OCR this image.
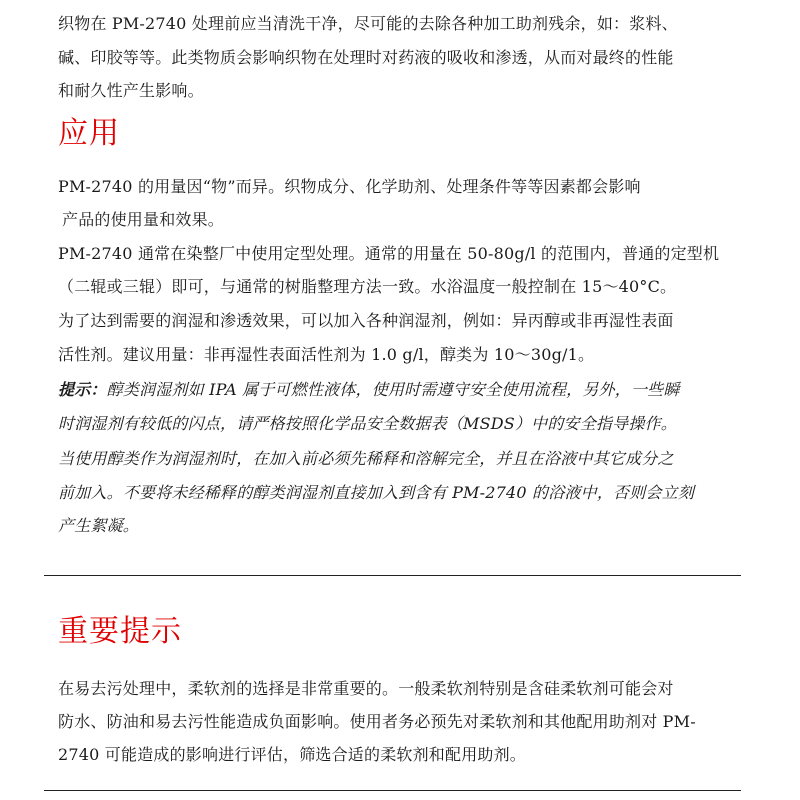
织物在 PM-2740 处理前应当清洗干净，尽可能的去除各种加工助剂残余，如：浆料、
碱、印胶等等。此类物质会影响织物在处理时对药液的吸收和渗透，从而对最终的性能
和耐久性产生影响。
应用
PM-2740 的用量因“物”而异。织物成分、化学助剂、处理条件等等因素都会影响
产品的使用量和效果。
PM-2740 通常在染整厂中使用定型处理。通常的用量在 50-80g/l 的范围内，普通的定型机
（二辊或三辊）即可，与通常的树脂整理方法一致。水浴温度一般控制在 15～40°C。
为了达到需要的润湿和渗透效果，可以加入各种润湿剂，例如：异丙醇或非再湿性表面
活性剂。建议用量：非再湿性表面活性剂为 1.0 g/l，醇类为 10～30g/1。
提示：醇类润湿剂如 IPA 属于可燃性液体，使用时需遵守安全使用流程，另外，一些瞬
时润湿剂有较低的闪点，请严格按照化学品安全数据表（MSDS）中的安全指导操作。
当使用醇类作为润湿剂时，在加入前必须先稀释和溶解完全，并且在浴液中其它成分之
前加入。不要将未经稀释的醇类润湿剂直接加入到含有 PM-2740 的浴液中，否则会立刻
产生絮凝。
重要提示
在易去污处理中，柔软剂的选择是非常重要的。一般柔软剂特别是含硅柔软剂可能会对
防水、防油和易去污性能造成负面影响。使用者务必预先对柔软剂和其他配用助剂对 PM-
2740 可能造成的影响进行评估，筛选合适的柔软剂和配用助剂。
